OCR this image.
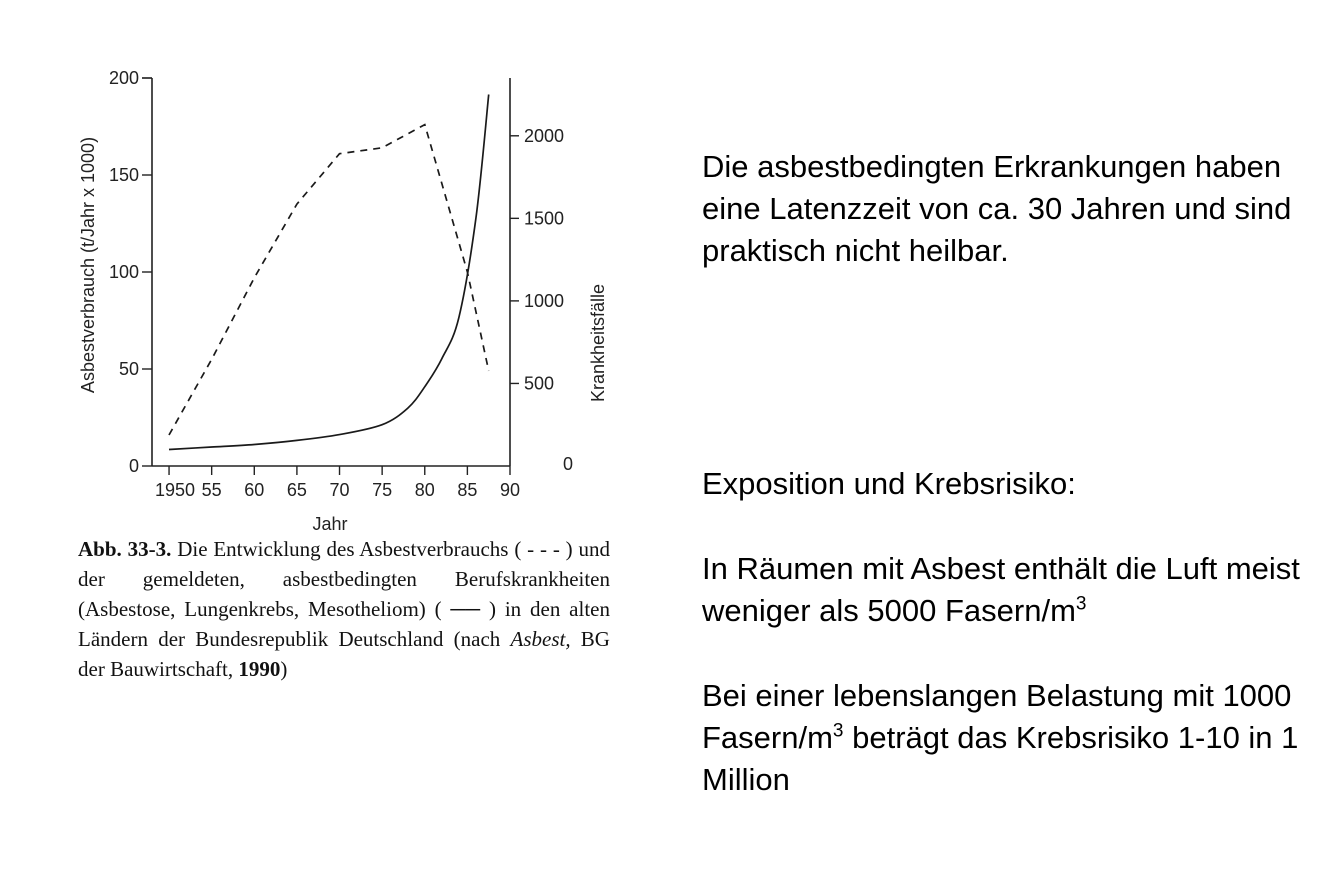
0
50
100
150
200
0
500
1000
1500
2000
1950 55 60 65 70 75 80 85 90
Jahr
Asbestverbrauch (t/Jahr x 1000)	Krankheitsfälle
Abb. 33-3. Die Entwicklung des Asbestverbrauchs ( - - - ) und der gemeldeten, asbestbedingten Berufskrankheiten (Asbestose, Lungenkrebs, Mesotheliom) ( ── ) in den alten Ländern der Bundesrepublik Deutschland (nach Asbest, BG der Bauwirtschaft, 1990)

Die asbestbedingten Erkrankungen haben eine Latenzzeit von ca. 30 Jahren und sind praktisch nicht heilbar.

Exposition und Krebsrisiko:

In Räumen mit Asbest enthält die Luft meist weniger als 5000 Fasern/$m^3$

Bei einer lebenslangen Belastung mit 1000 Fasern/$m^3$ beträgt das Krebsrisiko 1-10 in 1 Million
